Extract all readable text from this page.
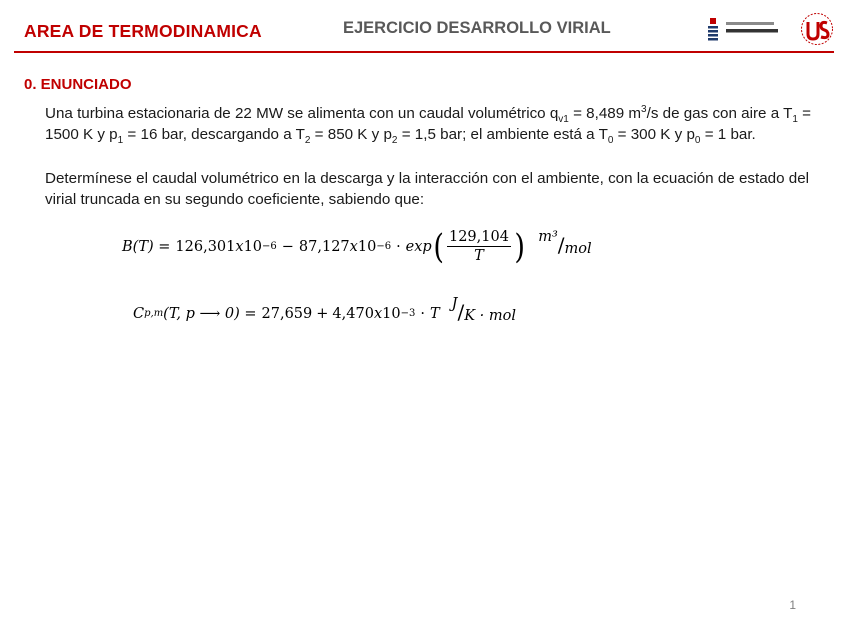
AREA DE TERMODINAMICA	EJERCICIO DESARROLLO VIRIAL
0. ENUNCIADO
Una turbina estacionaria de 22 MW se alimenta con un caudal volumétrico $q_{v1} = 8,489$ $m^3/s$ de gas con aire a $T_1 = 1500$ K y $p_1 = 16$ bar, descargando a $T_2 = 850$ K y $p_2 = 1,5$ bar; el ambiente está a $T_0 = 300$ K y $p_0 = 1$ bar.
Determínese el caudal volumétrico en la descarga y la interacción con el ambiente, con la ecuación de estado del virial truncada en su segundo coeficiente, sabiendo que:
B(T) = 126,301 x 10 −6 − 87,127 x 10 −6 · exp ( $\frac{129,104}{T}$ ) m³ / mol
C p,m (T, p ⟶ 0) = 27,659 + 4,470 x 10 −3 · T
J / K · mol
1
